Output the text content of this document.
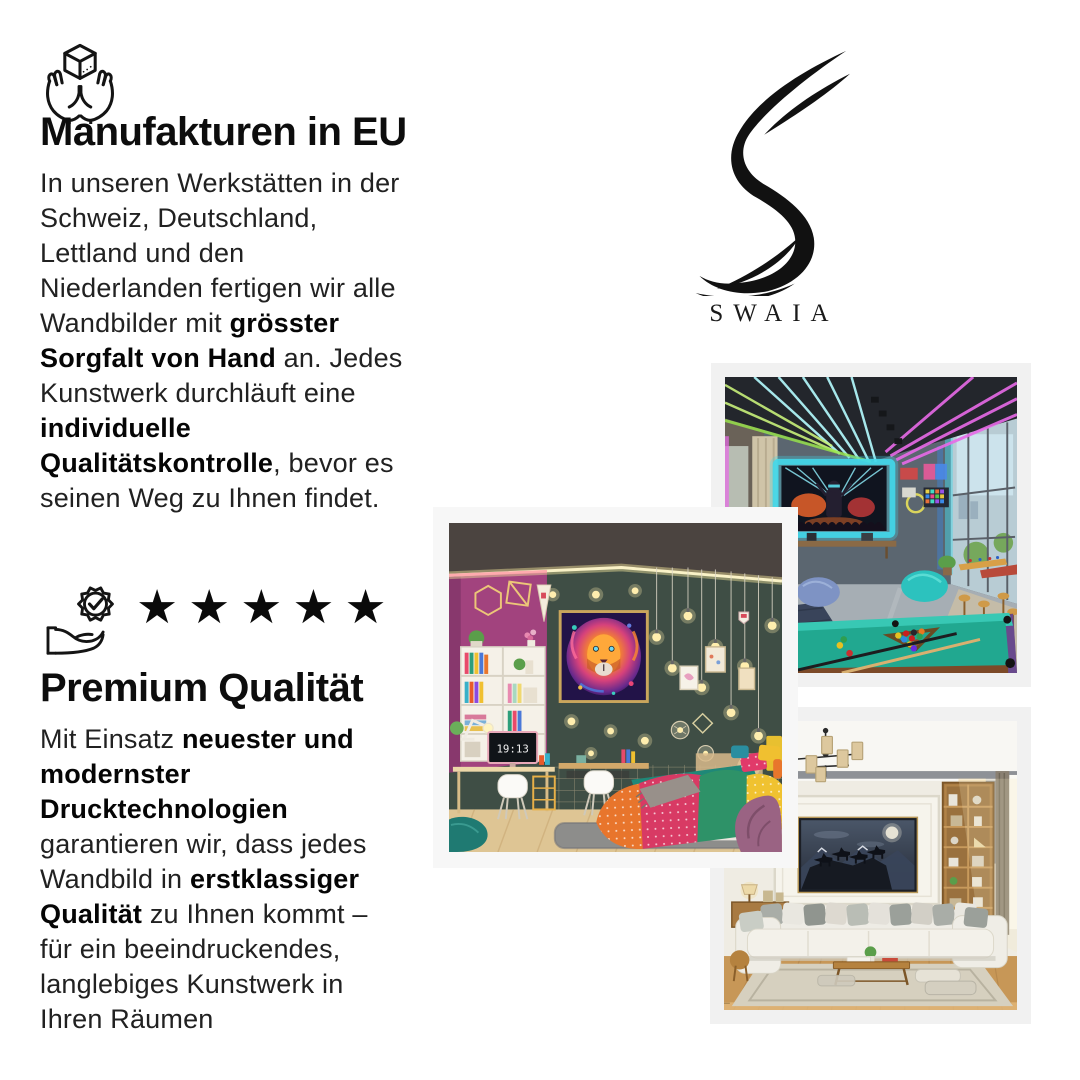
Manufakturen in EU

In unseren Werkstätten in der
Schweiz, Deutschland,
Lettland und den
Niederlanden fertigen wir alle
Wandbilder mit grösster
Sorgfalt von Hand an. Jedes
Kunstwerk durchläuft eine
individuelle
Qualitätskontrolle, bevor es
seinen Weg zu Ihnen findet.

★★★★★
Premium Qualität

Mit Einsatz neuester und
modernster
Drucktechnologien
garantieren wir, dass jedes
Wandbild in erstklassiger
Qualität zu Ihnen kommt –
für ein beeindruckendes,
langlebiges Kunstwerk in
Ihren Räumen

SWAIA
19:13
